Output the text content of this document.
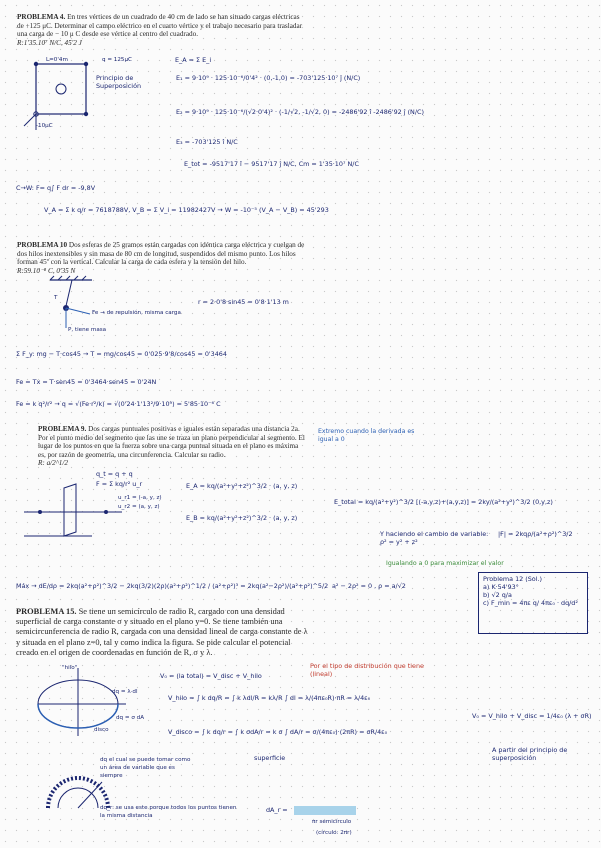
PROBLEMA 4. En tres vértices de un cuadrado de 40 cm de lado se han situado cargas eléctricas de +125 μC. Determinar el campo eléctrico en el cuarto vértice y el trabajo necesario para trasladar una carga de − 10 μ C desde ese vértice al centro del cuadrado.
R:1'35.10⁷ N/C, 45'2 J
L=0'4m	q = 125μC
-10μC
Principio de Superposición
E_A = Σ E_i
E₁ = 9·10⁹ · 125·10⁻⁶/0'4² · (0,-1,0) = -703'125·10⁷ ĵ (N/C)
E₂ = 9·10⁹ · 125·10⁻⁶/(√2·0'4)² · (-1/√2, -1/√2, 0) = -2486'92 î -2486'92 ĵ (N/C)
E₃ = -703'125 î N/C
E_tot = -9517'17 î − 9517'17 ĵ N/C, Cm = 1'35·10⁷ N/C
C→W: F= q∫ F dr = -9,8V
V_A = Σ k q/r = 7618788V, V_B = Σ V_i = 11982427V → W = -10⁻⁵ (V_A − V_B) = 45'293
PROBLEMA 10 Dos esferas de 25 gramos están cargadas con idéntica carga eléctrica y cuelgan de dos hilos inextensibles y sin masa de 80 cm de longitud, suspendidos del mismo punto. Los hilos forman 45º con la vertical. Calcular la carga de cada esfera y la tensión del hilo.
R:59.10⁻⁸ C, 0'35 N
T
Fe → de repulsión, misma carga
P, tiene masa
r = 2·0'8·sin45 = 0'8·1'13 m
Σ F_y: mg − T·cos45 → T = mg/cos45 = 0'025·9'8/cos45 = 0'3464
Fe = Tx = T·sen45 = 0'3464·sen45 = 0'24N
Fe = k q²/r² → q = √(Fe·r²/k) = √(0'24·1'13²/9·10⁹) = 5'85·10⁻⁶ C
PROBLEMA 9. Dos cargas puntuales positivas e iguales están separadas una distancia 2a. Por el punto medio del segmento que las une se traza un plano perpendicular al segmento. El lugar de los puntos en que la fuerza sobre una carga puntual situada en el plano es máxima es, por razón de geometría, una circunferencia. Calcular su radio.
R: a/2^1/2
Extremo cuando la derivada es igual a 0
q_t = q + q
F = Σ kq/r² u_r
u_r1 = (-a, y, z)
u_r2 = (a, y, z)
E_A = kq/(a²+y²+z²)^3/2 · (a, y, z)
E_B = kq/(a²+y²+z²)^3/2 · (a, y, z)
E_total = kq/(a²+y²)^3/2 [(-a,y,z)+(a,y,z)] = 2ky/(a²+y²)^3/2 (0,y,z)
Y haciendo el cambio de variable: ρ² = y² + z²
|F| = 2kqρ/(a²+ρ²)^3/2
Igualando a 0 para maximizar el valor
Máx → dE/dρ = 2kq(a²+ρ²)^3/2 − 2kq(3/2)(2ρ)(a²+ρ²)^1/2 / (a²+ρ²)³ = 2kq(a²−2ρ²)/(a²+ρ²)^5/2 a² − 2ρ² = 0 , ρ = a/√2
Problema 12 (Sol.)
a) K·54'93°
b) √2 q/a
c) F_min = 4πε q/ 4πε₀ · dq/d²
PROBLEMA 15. Se tiene un semicírculo de radio R, cargado con una densidad superficial de carga constante σ y situado en el plano y=0. Se tiene también una semicircunferencia de radio R, cargada con una densidad lineal de carga constante de λ y situada en el plano z=0, tal y como indica la figura. Se pide calcular el potencial creado en el origen de coordenadas en función de R, σ y λ.
"hilo"
disco
dq = λ·dl
dq = σ dA
dq el cual se puede tomar como un área de variable que es siempre
dq_r: se usa este porque todos los puntos tienen la misma distancia
V₀ = (la total) = V_disc + V_hilo
Por el tipo de distribución que tiene (lineal)
V_hilo = ∫ k dq/R = ∫ k λdl/R = kλ/R ∫ dl = λ/(4πε₀R)·πR = λ/4ε₀
V_disco = ∫ k dq/r = ∫ k σdA/r = k σ ∫ dA/r = σ/(4πε₀)·(2πR) = σR/4ε₀
superficie
V₀ = V_hilo + V_disc = 1/4ε₀ (λ + σR)
A partir del principio de superposición
dA_r =
πr semicírculo
(círculo: 2πr)
